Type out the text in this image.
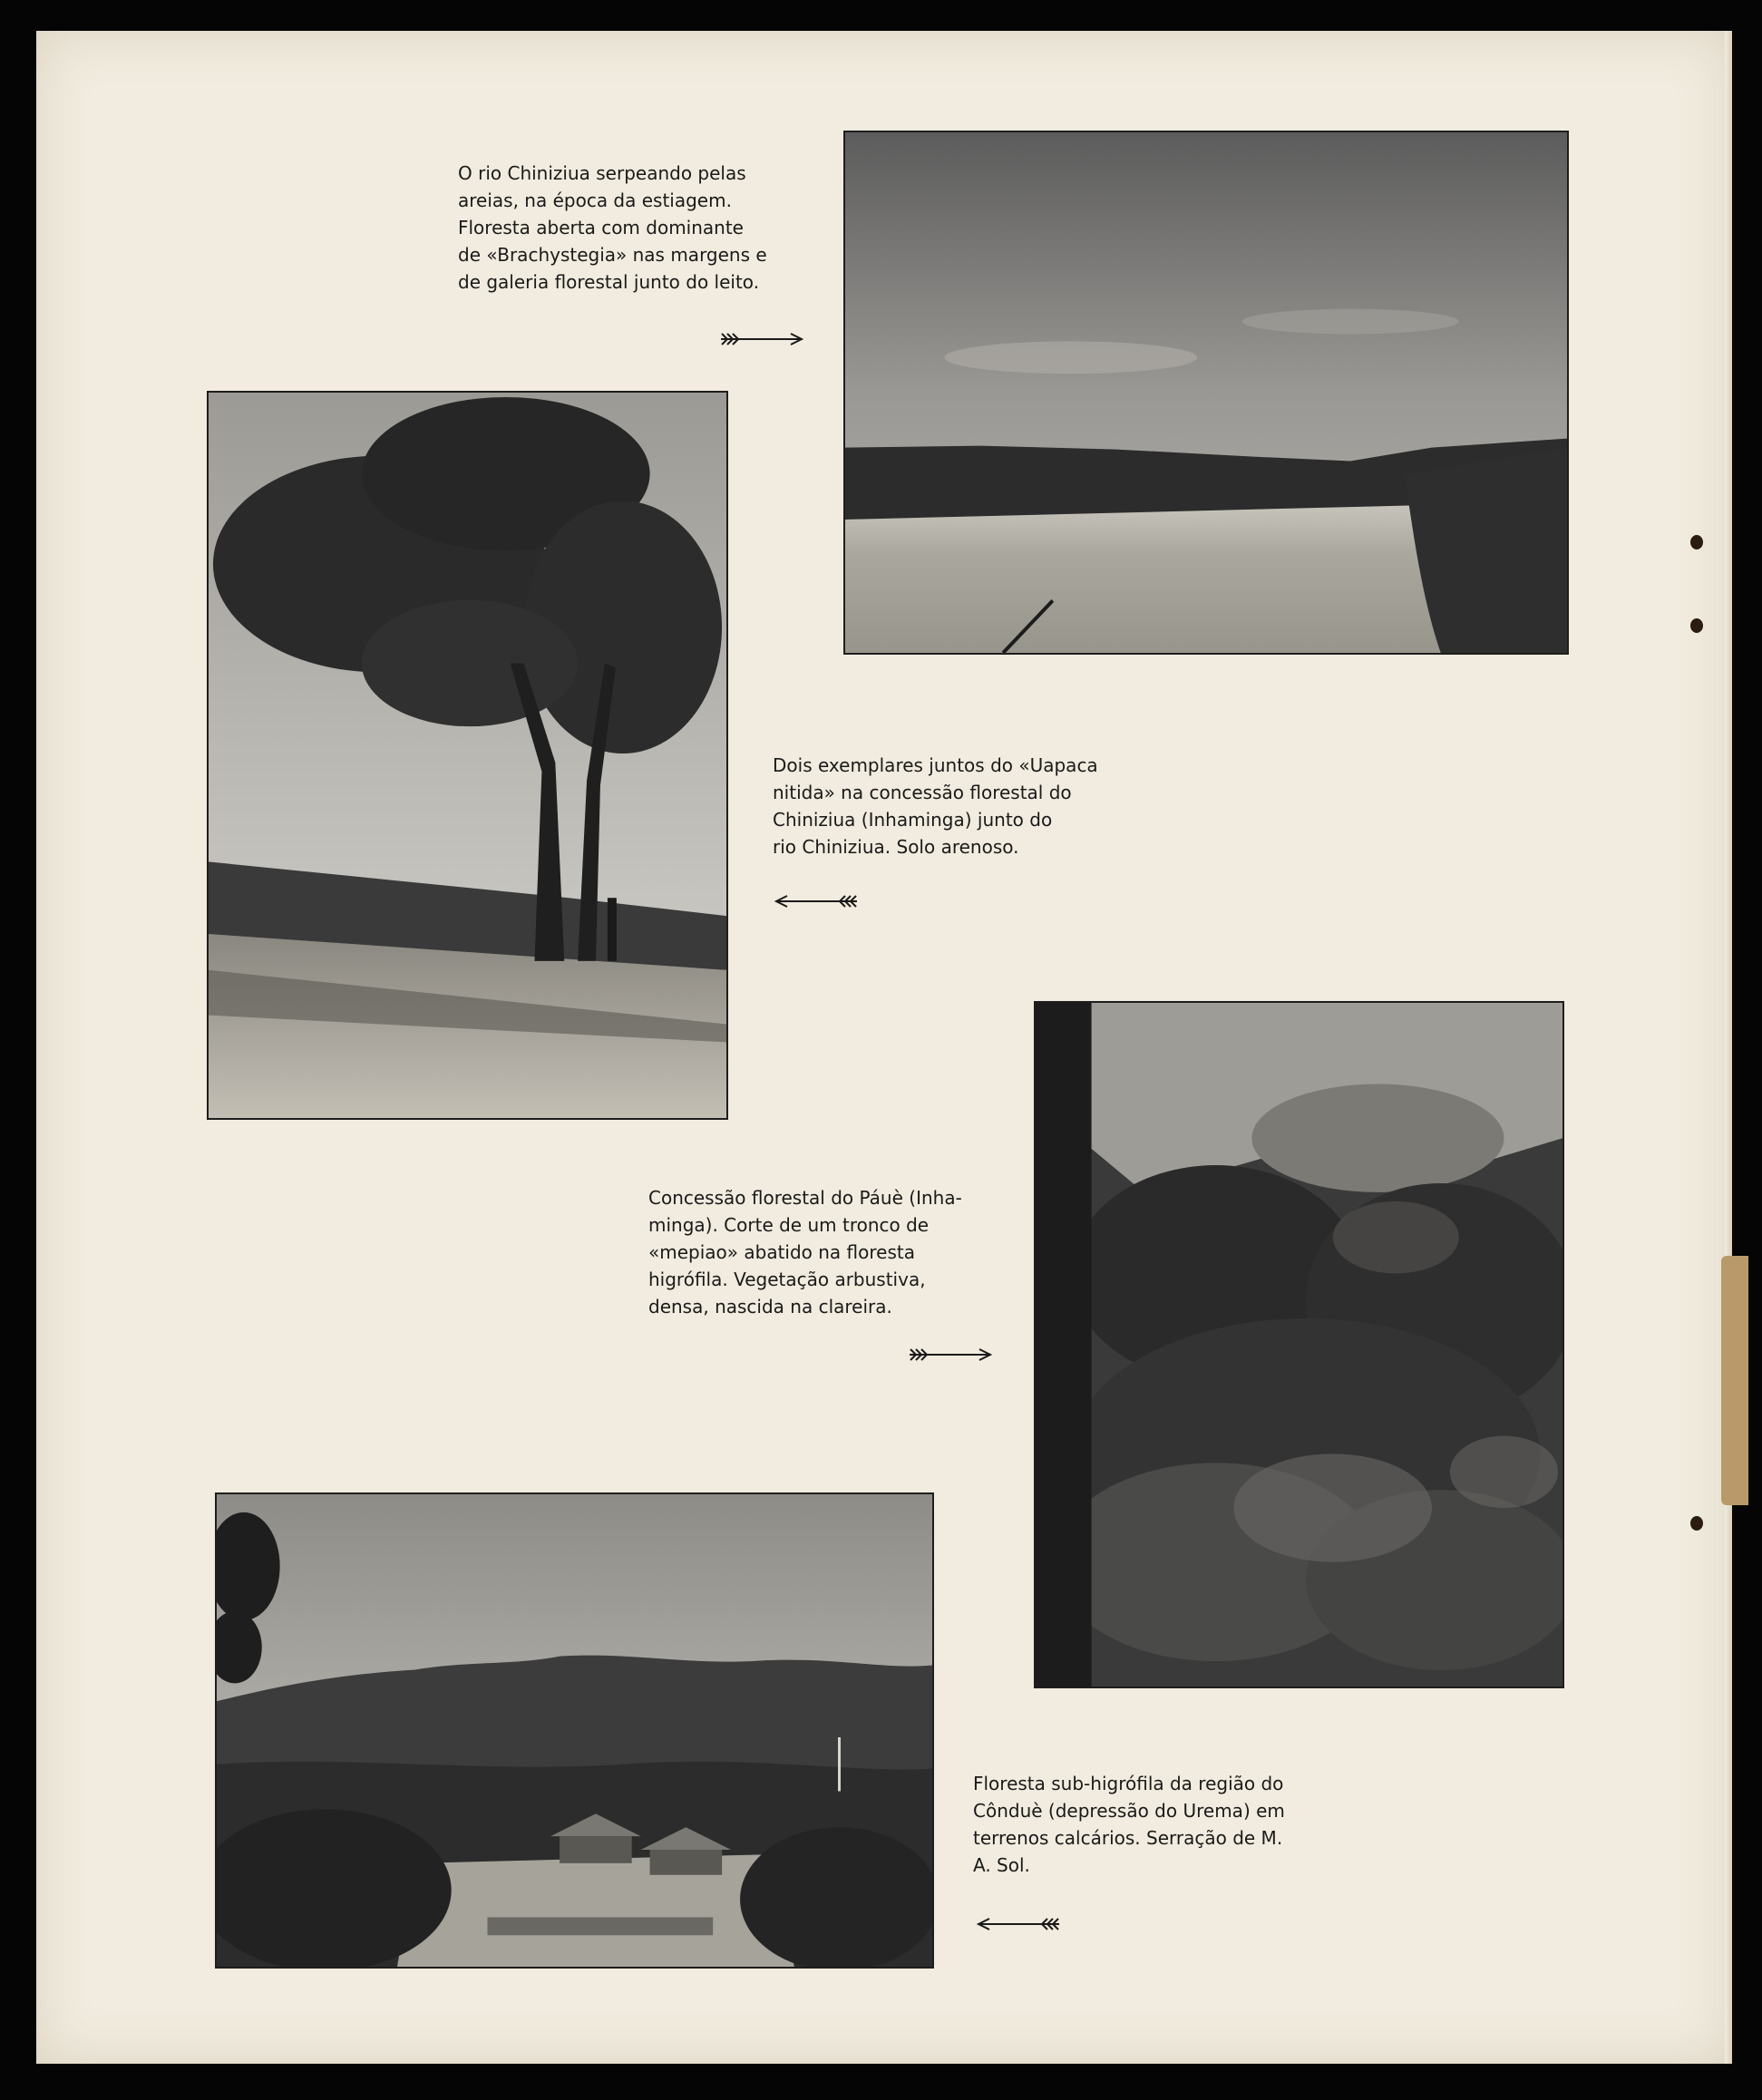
O rio Chiniziua serpeando pelas
areias, na época da estiagem.
Floresta aberta com dominante
de «Brachystegia» nas margens e
de galeria florestal junto do leito.
Dois exemplares juntos do «Uapaca
nitida» na concessão florestal do
Chiniziua (Inhaminga) junto do
rio Chiniziua. Solo arenoso.
Concessão florestal do Páuè (Inha-
minga). Corte de um tronco de
«mepiao» abatido na floresta
higrófila. Vegetação arbustiva,
densa, nascida na clareira.
Floresta sub-higrófila da região do
Cônduè (depressão do Urema) em
terrenos calcários. Serração de M.
A. Sol.
